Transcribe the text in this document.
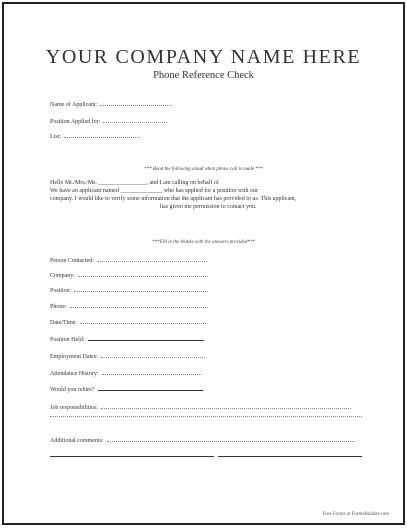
YOUR COMPANY NAME HERE
Phone Reference Check
Name of Applicant:
Position Applied for:
List:
*** Read the following aloud when phone call is made ***
Hello Mr./Mrs./Ms. ________________, and I am calling on behalf of
We have an applicant named ______________ who has applied for a position with our
company. I would like to verify some information that the applicant has provided to us. This applicant,
has given me permission to contact you.
***Fill in the blanks with the answers provided***
Person Contacted:
Company:
Position:
Phone:
Date/Time:
Position Held:
Employment Dates:
Attendance History:
Would you rehire?
Job responsibilities:
Additional comments:
Free Forms at FormsBuilder.com
